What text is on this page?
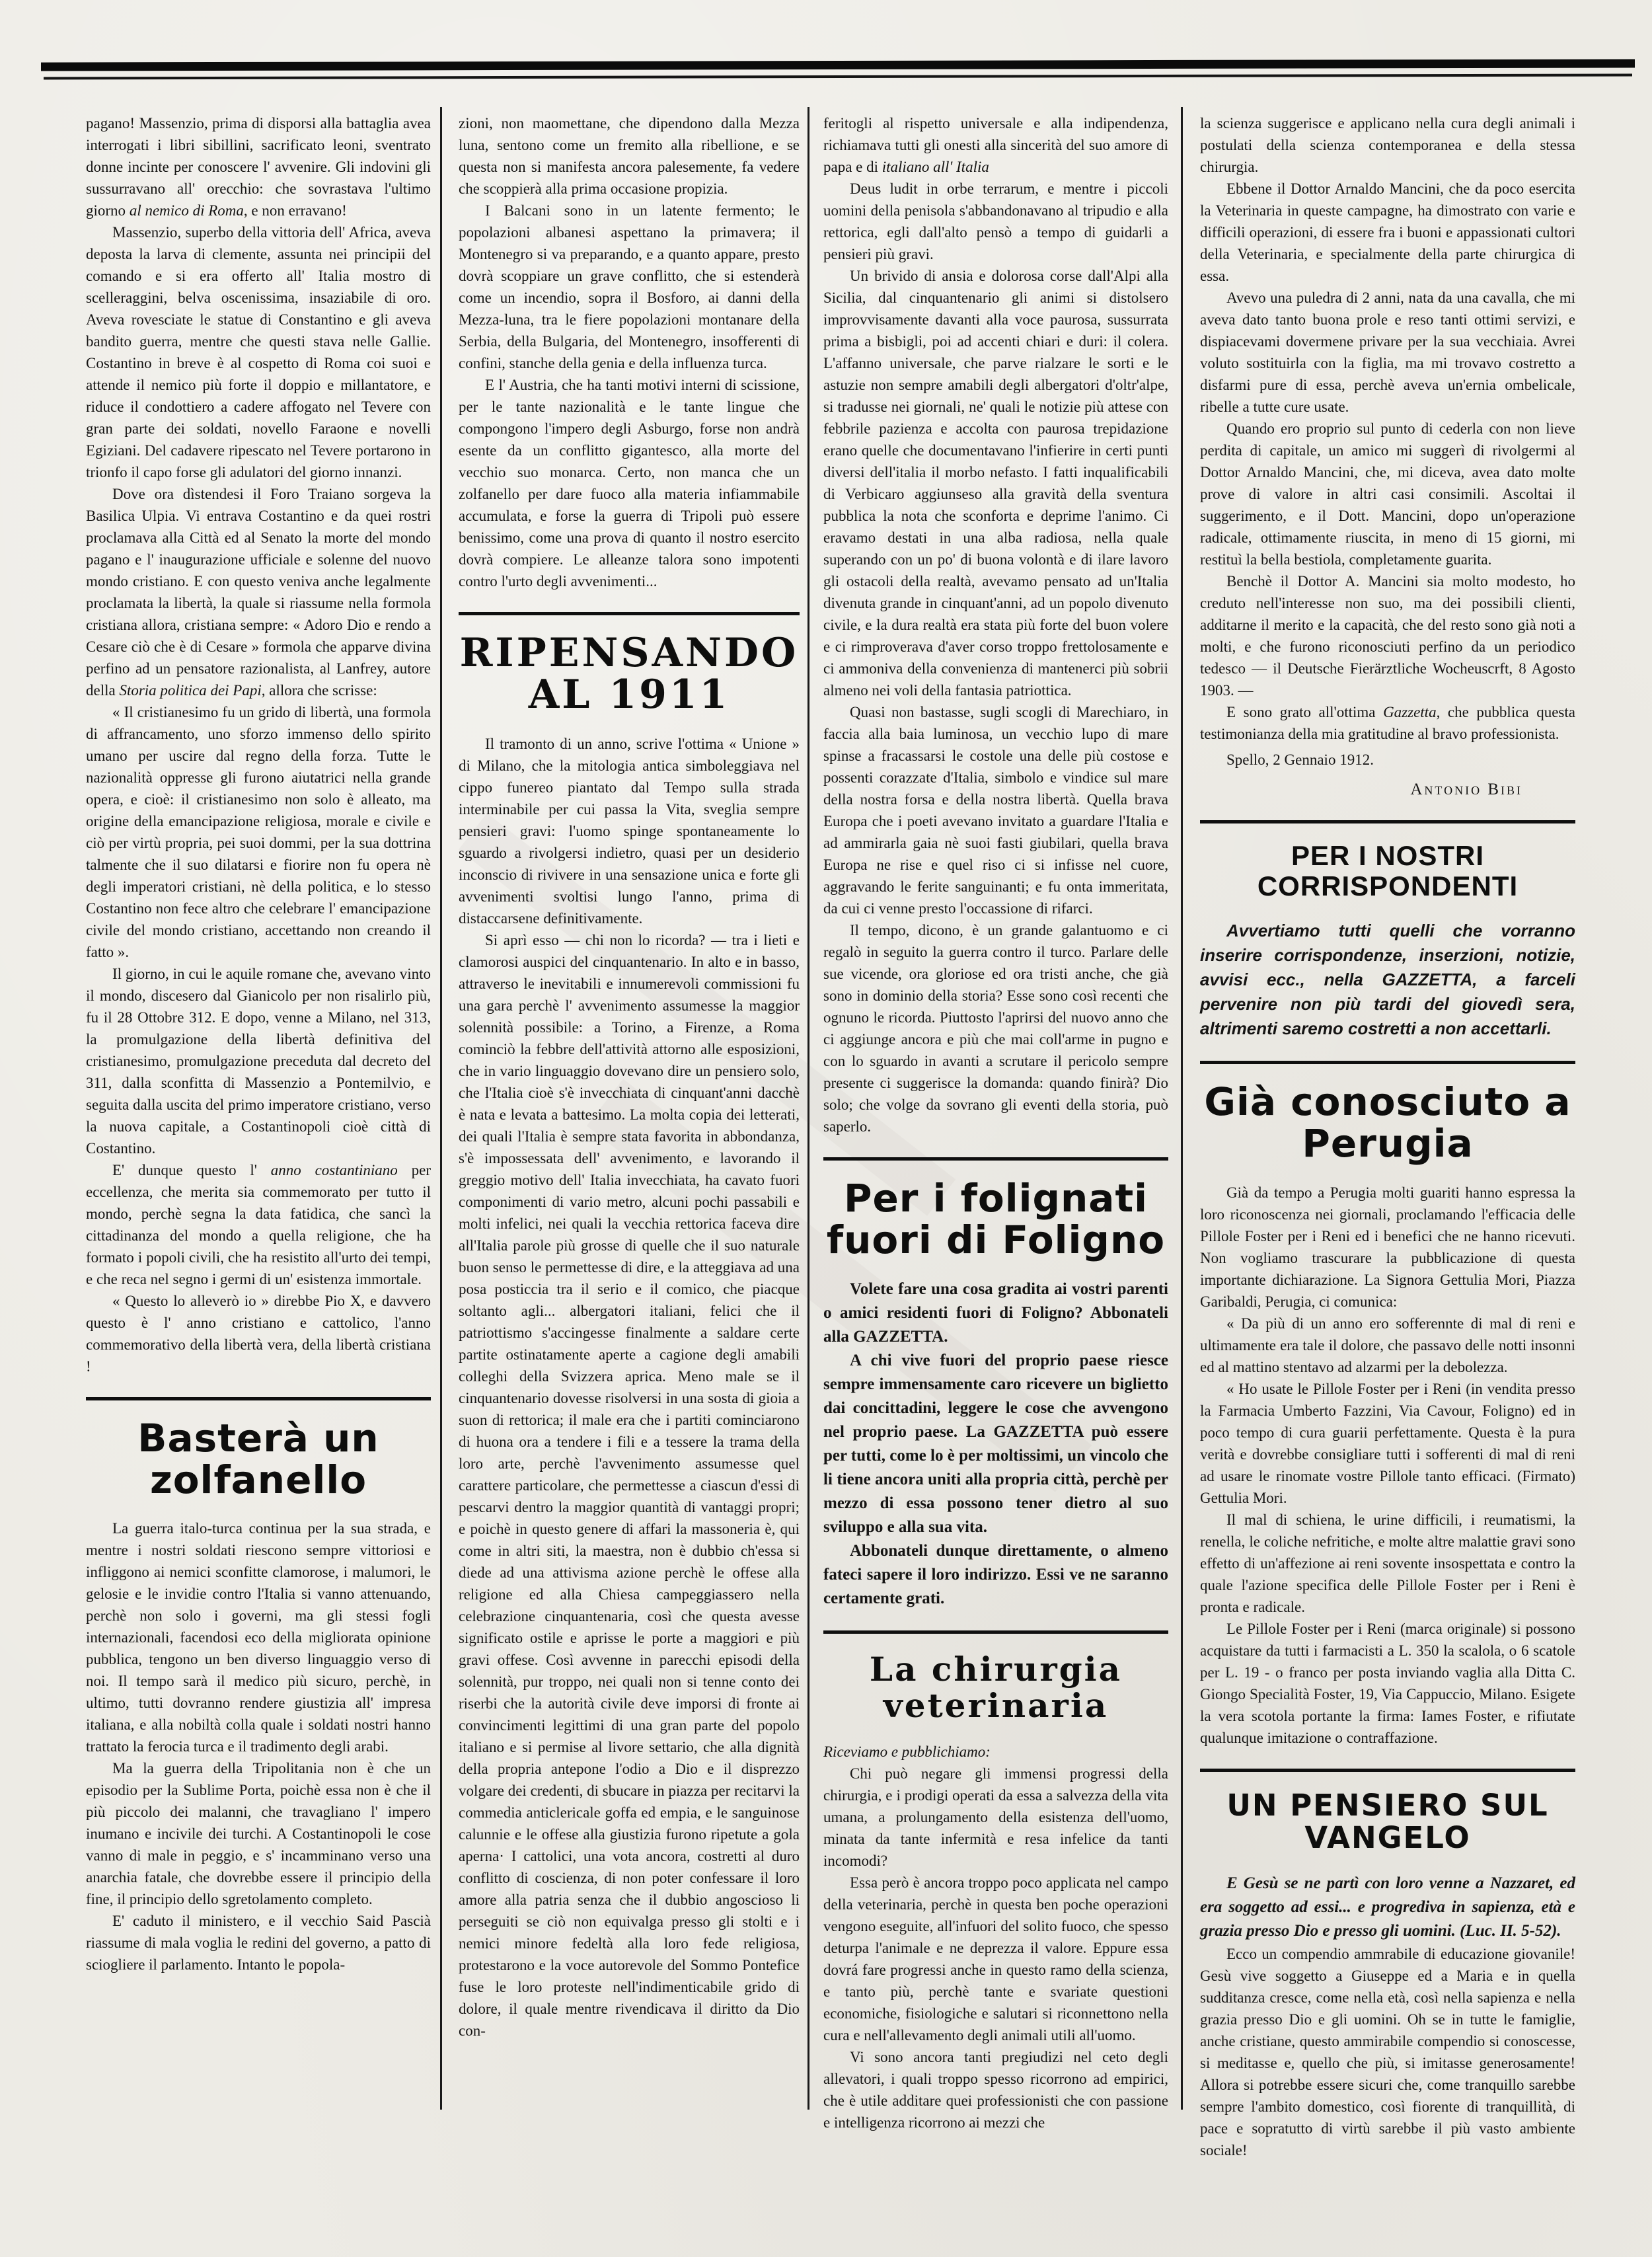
pagano! Massenzio, prima di disporsi alla battaglia avea interrogati i libri sibillini, sacrificato leoni, sventrato donne incinte per conoscere l' avvenire. Gli indovini gli sussurravano all' orecchio: che sovrastava l'ultimo giorno al nemico di Roma, e non erravano!

Massenzio, superbo della vittoria dell' Africa, aveva deposta la larva di clemente, assunta nei principii del comando e si era offerto all' Italia mostro di scelleraggini, belva oscenissima, insaziabile di oro. Aveva rovesciate le statue di Constantino e gli aveva bandito guerra, mentre che questi stava nelle Gallie. Costantino in breve è al cospetto di Roma coi suoi e attende il nemico più forte il doppio e millantatore, e riduce il condottiero a cadere affogato nel Tevere con gran parte dei soldati, novello Faraone e novelli Egiziani. Del cadavere ripescato nel Tevere portarono in trionfo il capo forse gli adulatori del giorno innanzi.

Dove ora dìstendesi il Foro Traiano sorgeva la Basilica Ulpia. Vi entrava Costantino e da quei rostri proclamava alla Città ed al Senato la morte del mondo pagano e l' inaugurazione ufficiale e solenne del nuovo mondo cristiano. E con questo veniva anche legalmente proclamata la libertà, la quale si riassume nella formola cristiana allora, cristiana sempre: « Adoro Dio e rendo a Cesare ciò che è di Cesare » formola che apparve divina perfino ad un pensatore razionalista, al Lanfrey, autore della Storia politica dei Papi, allora che scrisse:

« Il cristianesimo fu un grido di libertà, una formola di affrancamento, uno sforzo immenso dello spirito umano per uscire dal regno della forza. Tutte le nazionalità oppresse gli furono aiutatrici nella grande opera, e cioè: il cristianesimo non solo è alleato, ma origine della emancipazione religiosa, morale e civile e ciò per virtù propria, pei suoi dommi, per la sua dottrina talmente che il suo dilatarsi e fiorire non fu opera nè degli imperatori cristiani, nè della politica, e lo stesso Costantino non fece altro che celebrare l' emancipazione civile del mondo cristiano, accettando non creando il fatto ».

Il giorno, in cui le aquile romane che, avevano vinto il mondo, discesero dal Gianicolo per non risalirlo più, fu il 28 Ottobre 312. E dopo, venne a Milano, nel 313, la promulgazione della libertà definitiva del cristianesimo, promulgazione preceduta dal decreto del 311, dalla sconfitta di Massenzio a Pontemilvio, e seguita dalla uscita del primo imperatore cristiano, verso la nuova capitale, a Costantinopoli cioè città di Costantino.

E' dunque questo l' anno costantiniano per eccellenza, che merita sia commemorato per tutto il mondo, perchè segna la data fatidica, che sancì la cittadinanza del mondo a quella religione, che ha formato i popoli civili, che ha resistito all'urto dei tempi, e che reca nel segno i germi di un' esistenza immortale.

« Questo lo alleverò io » direbbe Pio X, e davvero questo è l' anno cristiano e cattolico, l'anno commemorativo della libertà vera, della libertà cristiana !

Basterà un zolfanello

La guerra italo-turca continua per la sua strada, e mentre i nostri soldati riescono sempre vittoriosi e infliggono ai nemici sconfitte clamorose, i malumori, le gelosie e le invidie contro l'Italia si vanno attenuando, perchè non solo i governi, ma gli stessi fogli internazionali, facendosi eco della migliorata opinione pubblica, tengono un ben diverso linguaggio verso di noi. Il tempo sarà il medico più sicuro, perchè, in ultimo, tutti dovranno rendere giustizia all' impresa italiana, e alla nobiltà colla quale i soldati nostri hanno trattato la ferocia turca e il tradimento degli arabi.

Ma la guerra della Tripolitania non è che un episodio per la Sublime Porta, poichè essa non è che il più piccolo dei malanni, che travagliano l' impero inumano e incivile dei turchi. A Costantinopoli le cose vanno di male in peggio, e s' incamminano verso una anarchia fatale, che dovrebbe essere il principio della fine, il principio dello sgretolamento completo.

E' caduto il ministero, e il vecchio Said Pascià riassume di mala voglia le redini del governo, a patto di sciogliere il parlamento. Intanto le popola-

zioni, non maomettane, che dipendono dalla Mezza luna, sentono come un fremito alla ribellione, e se questa non si manifesta ancora palesemente, fa vedere che scoppierà alla prima occasione propizia.

I Balcani sono in un latente fermento; le popolazioni albanesi aspettano la primavera; il Montenegro si va preparando, e a quanto appare, presto dovrà scoppiare un grave conflitto, che si estenderà come un incendio, sopra il Bosforo, ai danni della Mezza-luna, tra le fiere popolazioni montanare della Serbia, della Bulgaria, del Montenegro, insofferenti di confini, stanche della genia e della influenza turca.

E l' Austria, che ha tanti motivi interni di scissione, per le tante nazionalità e le tante lingue che compongono l'impero degli Asburgo, forse non andrà esente da un conflitto gigantesco, alla morte del vecchio suo monarca. Certo, non manca che un zolfanello per dare fuoco alla materia infiammabile accumulata, e forse la guerra di Tripoli può essere benissimo, come una prova di quanto il nostro esercito dovrà compiere. Le alleanze talora sono impotenti contro l'urto degli avvenimenti...

RIPENSANDO AL 1911

Il tramonto di un anno, scrive l'ottima « Unione » di Milano, che la mitologia antica simboleggiava nel cippo funereo piantato dal Tempo sulla strada interminabile per cui passa la Vita, sveglia sempre pensieri gravi: l'uomo spinge spontaneamente lo sguardo a rivolgersi indietro, quasi per un desiderio inconscio di rivivere in una sensazione unica e forte gli avvenimenti svoltisi lungo l'anno, prima di distaccarsene definitivamente.

Si aprì esso — chi non lo ricorda? — tra i lieti e clamorosi auspici del cinquantenario. In alto e in basso, attraverso le inevitabili e innumerevoli commissioni fu una gara perchè l' avvenimento assumesse la maggior solennità possibile: a Torino, a Firenze, a Roma cominciò la febbre dell'attività attorno alle esposizioni, che in vario linguaggio dovevano dire un pensiero solo, che l'Italia cioè s'è invecchiata di cinquant'anni dacchè è nata e levata a battesimo. La molta copia dei letterati, dei quali l'Italia è sempre stata favorita in abbondanza, s'è impossessata dell' avvenimento, e lavorando il greggio motivo dell' Italia invecchiata, ha cavato fuori componimenti di vario metro, alcuni pochi passabili e molti infelici, nei quali la vecchia rettorica faceva dire all'Italia parole più grosse di quelle che il suo naturale buon senso le permettesse di dire, e la atteggiava ad una posa posticcia tra il serio e il comico, che piacque soltanto agli... albergatori italiani, felici che il patriottismo s'accingesse finalmente a saldare certe partite ostinatamente aperte a cagione degli amabili colleghi della Svizzera aprica. Meno male se il cinquantenario dovesse risolversi in una sosta di gioia a suon di rettorica; il male era che i partiti cominciarono di huona ora a tendere i fili e a tessere la trama della loro arte, perchè l'avvenimento assumesse quel carattere particolare, che permettesse a ciascun d'essi di pescarvi dentro la maggior quantità di vantaggi propri; e poichè in questo genere di affari la massoneria è, qui come in altri siti, la maestra, non è dubbio ch'essa si diede ad una attivisma azione perchè le offese alla religione ed alla Chiesa campeggiassero nella celebrazione cinquantenaria, così che questa avesse significato ostile e aprisse le porte a maggiori e più gravi offese. Così avvenne in parecchi episodi della solennità, pur troppo, nei quali non si tenne conto dei riserbi che la autorità civile deve imporsi di fronte ai convincimenti legittimi di una gran parte del popolo italiano e si permise al livore settario, che alla dignità della propria antepone l'odio a Dio e il disprezzo volgare dei credenti, di sbucare in piazza per recitarvi la commedia anticlericale goffa ed empia, e le sanguinose calunnie e le offese alla giustizia furono ripetute a gola aperna· I cattolici, una vota ancora, costretti al duro conflitto di coscienza, di non poter confessare il loro amore alla patria senza che il dubbio angoscioso li perseguiti se ciò non equivalga presso gli stolti e i nemici minore fedeltà alla loro fede religiosa, protestarono e la voce autorevole del Sommo Pontefice fuse le loro proteste nell'indimenticabile grido di dolore, il quale mentre rivendicava il diritto da Dio con-

feritogli al rispetto universale e alla indipendenza, richiamava tutti gli onesti alla sincerità del suo amore di papa e di italiano all' Italia

Deus ludit in orbe terrarum, e mentre i piccoli uomini della penisola s'abbandonavano al tripudio e alla rettorica, egli dall'alto pensò a tempo di guidarli a pensieri più gravi.

Un brivido di ansia e dolorosa corse dall'Alpi alla Sicilia, dal cinquantenario gli animi si distolsero improvvisamente davanti alla voce paurosa, sussurrata prima a bisbigli, poi ad accenti chiari e duri: il colera. L'affanno universale, che parve rialzare le sorti e le astuzie non sempre amabili degli albergatori d'oltr'alpe, si tradusse nei giornali, ne' quali le notizie più attese con febbrile pazienza e accolta con paurosa trepidazione erano quelle che documentavano l'infierire in certi punti diversi dell'italia il morbo nefasto. I fatti inqualificabili di Verbicaro aggiunseso alla gravità della sventura pubblica la nota che sconforta e deprime l'animo. Ci eravamo destati in una alba radiosa, nella quale superando con un po' di buona volontà e di ilare lavoro gli ostacoli della realtà, avevamo pensato ad un'Italia divenuta grande in cinquant'anni, ad un popolo divenuto civile, e la dura realtà era stata più forte del buon volere e ci rimproverava d'aver corso troppo frettolosamente e ci ammoniva della convenienza di mantenerci più sobrii almeno nei voli della fantasia patriottica.

Quasi non bastasse, sugli scogli di Marechiaro, in faccia alla baia luminosa, un vecchio lupo di mare spinse a fracassarsi le costole una delle più costose e possenti corazzate d'Italia, simbolo e vindice sul mare della nostra forsa e della nostra libertà. Quella brava Europa che i poeti avevano invitato a guardare l'Italia e ad ammirarla gaia nè suoi fasti giubilari, quella brava Europa ne rise e quel riso ci si infisse nel cuore, aggravando le ferite sanguinanti; e fu onta immeritata, da cui ci venne presto l'occassione di rifarci.

Il tempo, dicono, è un grande galantuomo e ci regalò in seguito la guerra contro il turco. Parlare delle sue vicende, ora gloriose ed ora tristi anche, che già sono in dominio della storia? Esse sono così recenti che ognuno le ricorda. Piuttosto l'aprirsi del nuovo anno che ci aggiunge ancora e più che mai coll'arme in pugno e con lo sguardo in avanti a scrutare il pericolo sempre presente ci suggerisce la domanda: quando finirà? Dio solo; che volge da sovrano gli eventi della storia, può saperlo.

Per i folignati fuori di Foligno

Volete fare una cosa gradita ai vostri parenti o amici residenti fuori di Foligno? Abbonateli alla GAZZETTA.

A chi vive fuori del proprio paese riesce sempre immensamente caro ricevere un biglietto dai concittadini, leggere le cose che avvengono nel proprio paese. La GAZZETTA può essere per tutti, come lo è per moltissimi, un vincolo che li tiene ancora uniti alla propria città, perchè per mezzo di essa possono tener dietro al suo sviluppo e alla sua vita.

Abbonateli dunque direttamente, o almeno fateci sapere il loro indirizzo. Essi ve ne saranno certamente grati.

La chirurgia veterinaria

Riceviamo e pubblichiamo:

Chi può negare gli immensi progressi della chirurgia, e i prodigi operati da essa a salvezza della vita umana, a prolungamento della esistenza dell'uomo, minata da tante infermità e resa infelice da tanti incomodi?

Essa però è ancora troppo poco applicata nel campo della veterinaria, perchè in questa ben poche operazioni vengono eseguite, all'infuori del solito fuoco, che spesso deturpa l'animale e ne deprezza il valore. Eppure essa dovrá fare progressi anche in questo ramo della scienza, e tanto più, perchè tante e svariate questioni economiche, fisiologiche e salutari si riconnettono nella cura e nell'allevamento degli animali utili all'uomo.

Vi sono ancora tanti pregiudizi nel ceto degli allevatori, i quali troppo spesso ricorrono ad empirici, che è utile additare quei professionisti che con passione e intelligenza ricorrono ai mezzi che

la scienza suggerisce e applicano nella cura degli animali i postulati della scienza contemporanea e della stessa chirurgia.

Ebbene il Dottor Arnaldo Mancini, che da poco esercita la Veterinaria in queste campagne, ha dimostrato con varie e difficili operazioni, di essere fra i buoni e appassionati cultori della Veterinaria, e specialmente della parte chirurgica di essa.

Avevo una puledra di 2 anni, nata da una cavalla, che mi aveva dato tanto buona prole e reso tanti ottimi servizi, e dispiacevami dovermene privare per la sua vecchiaia. Avrei voluto sostituirla con la figlia, ma mi trovavo costretto a disfarmi pure di essa, perchè aveva un'ernia ombelicale, ribelle a tutte cure usate.

Quando ero proprio sul punto di cederla con non lieve perdita di capitale, un amico mi suggerì di rivolgermi al Dottor Arnaldo Mancini, che, mi diceva, avea dato molte prove di valore in altri casi consimili. Ascoltai il suggerimento, e il Dott. Mancini, dopo un'operazione radicale, ottimamente riuscita, in meno di 15 giorni, mi restituì la bella bestiola, completamente guarita.

Benchè il Dottor A. Mancini sia molto modesto, ho creduto nell'interesse non suo, ma dei possibili clienti, additarne il merito e la capacità, che del resto sono già noti a molti, e che furono riconosciuti perfino da un periodico tedesco — il Deutsche Fierärztliche Wocheuscrft, 8 Agosto 1903. —

E sono grato all'ottima Gazzetta, che pubblica questa testimonianza della mia gratitudine al bravo professionista.

Spello, 2 Gennaio 1912.

Antonio Bibi

PER I NOSTRI CORRISPONDENTI

Avvertiamo tutti quelli che vorranno inserire corrispondenze, inserzioni, notizie, avvisi ecc., nella GAZZETTA, a farceli pervenire non più tardi del giovedì sera, altrimenti saremo costretti a non accettarli.

Già conosciuto a Perugia

Già da tempo a Perugia molti guariti hanno espressa la loro riconoscenza nei giornali, proclamando l'efficacia delle Pillole Foster per i Reni ed i benefici che ne hanno ricevuti. Non vogliamo trascurare la pubblicazione di questa importante dichiarazione. La Signora Gettulia Mori, Piazza Garibaldi, Perugia, ci comunica:

« Da più di un anno ero sofferennte di mal di reni e ultimamente era tale il dolore, che passavo delle notti insonni ed al mattino stentavo ad alzarmi per la debolezza.

« Ho usate le Pillole Foster per i Reni (in vendita presso la Farmacia Umberto Fazzini, Via Cavour, Foligno) ed in poco tempo di cura guarii perfettamente. Questa è la pura verità e dovrebbe consigliare tutti i sofferenti di mal di reni ad usare le rinomate vostre Pillole tanto efficaci. (Firmato) Gettulia Mori.

Il mal di schiena, le urine difficili, i reumatismi, la renella, le coliche nefritiche, e molte altre malattie gravi sono effetto di un'affezione ai reni sovente insospettata e contro la quale l'azione specifica delle Pillole Foster per i Reni è pronta e radicale.

Le Pillole Foster per i Reni (marca originale) si possono acquistare da tutti i farmacisti a L. 350 la scalola, o 6 scatole per L. 19 - o franco per posta inviando vaglia alla Ditta C. Giongo Specialità Foster, 19, Via Cappuccio, Milano. Esigete la vera scotola portante la firma: Iames Foster, e rifiutate qualunque imitazione o contraffazione.

UN PENSIERO SUL VANGELO

E Gesù se ne partì con loro venne a Nazzaret, ed era soggetto ad essi... e progrediva in sapienza, età e grazia presso Dio e presso gli uomini. (Luc. II. 5-52).

Ecco un compendio ammrabile di educazione giovanile! Gesù vive soggetto a Giuseppe ed a Maria e in quella sudditanza cresce, come nella età, così nella sapienza e nella grazia presso Dio e gli uomini. Oh se in tutte le famiglie, anche cristiane, questo ammirabile compendio si conoscesse, si meditasse e, quello che più, si imitasse generosamente! Allora si potrebbe essere sicuri che, come tranquillo sarebbe sempre l'ambito domestico, così fiorente di tranquillità, di pace e sopratutto di virtù sarebbe il più vasto ambiente sociale!
